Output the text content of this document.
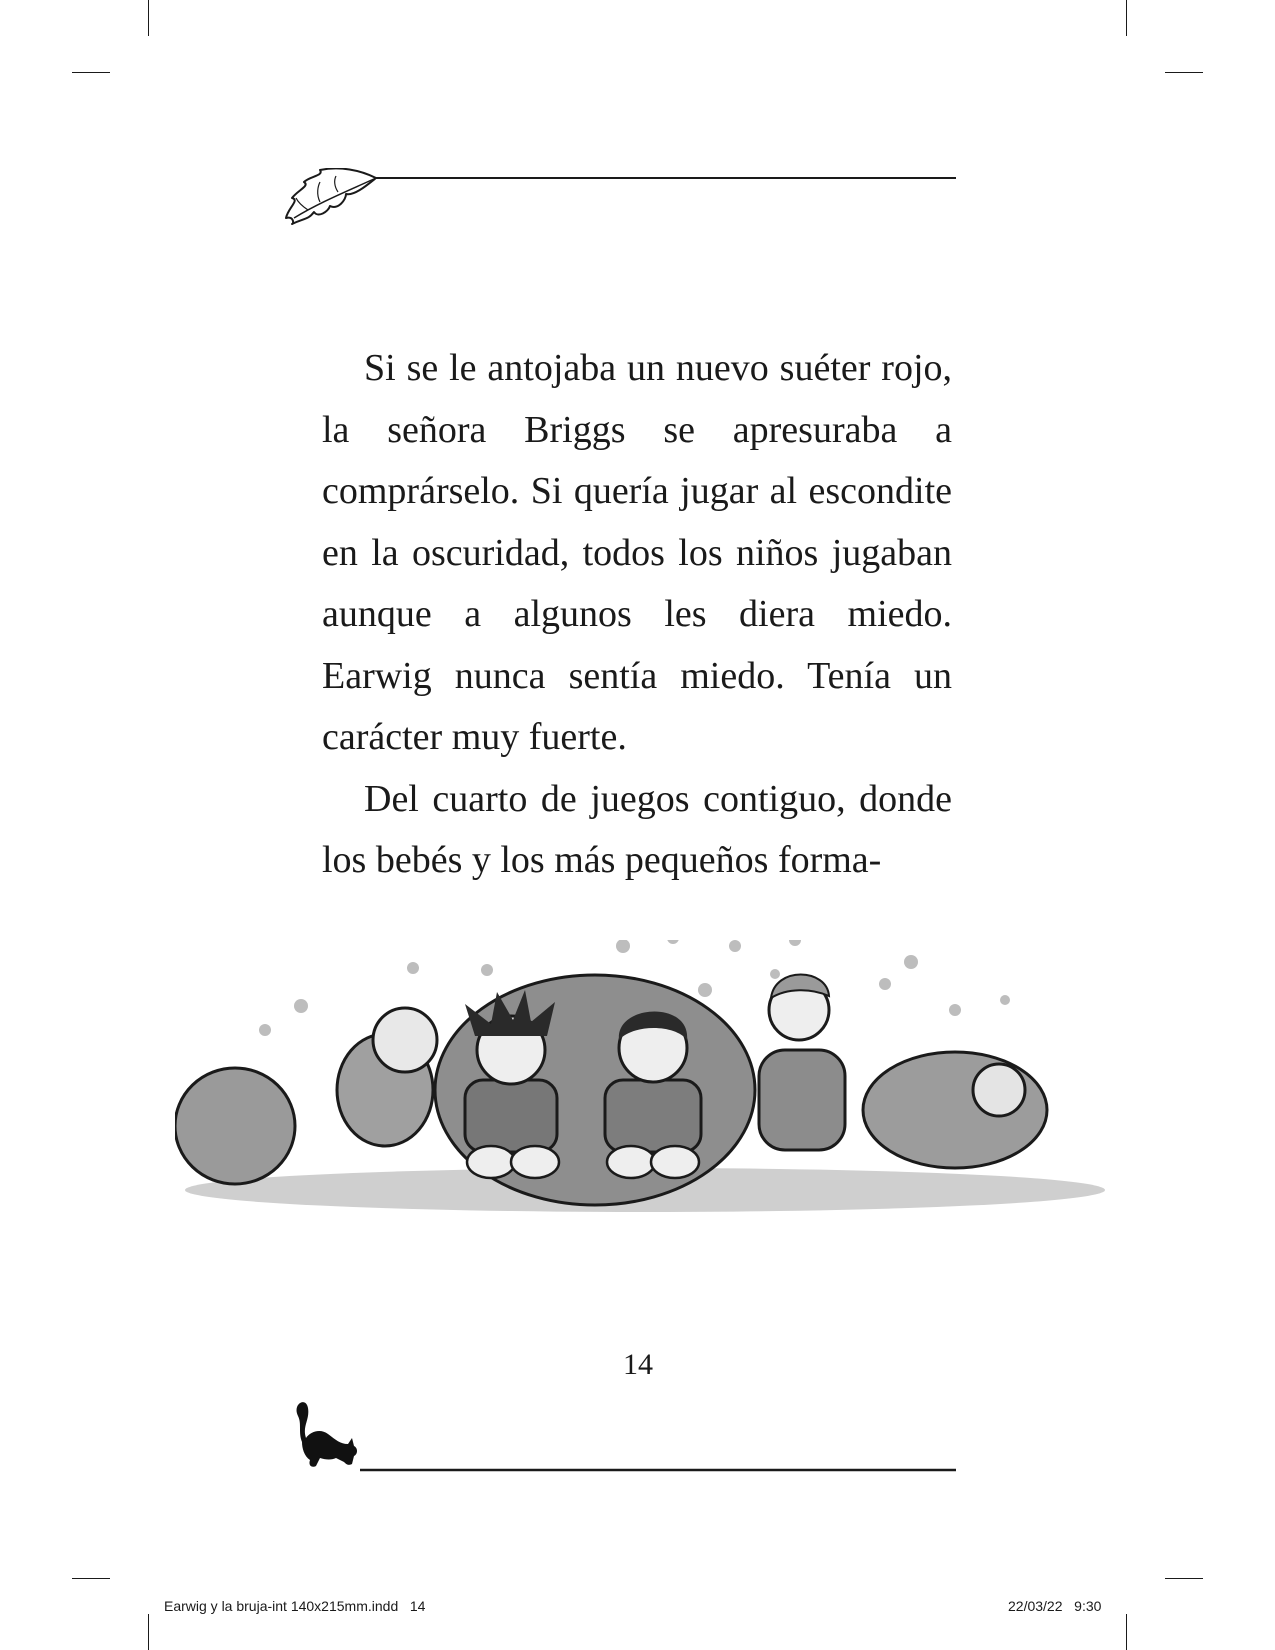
Si se le antojaba un nuevo suéter rojo, la señora Briggs se apresuraba a comprárselo. Si quería jugar al escondite en la oscuridad, todos los niños jugaban aunque a algunos les diera miedo. Earwig nunca sentía miedo. Tenía un carácter muy fuerte.

Del cuarto de juegos contiguo, donde los bebés y los más pequeños forma-

14
Earwig y la bruja-int 140x215mm.indd   14	22/03/22   9:30
